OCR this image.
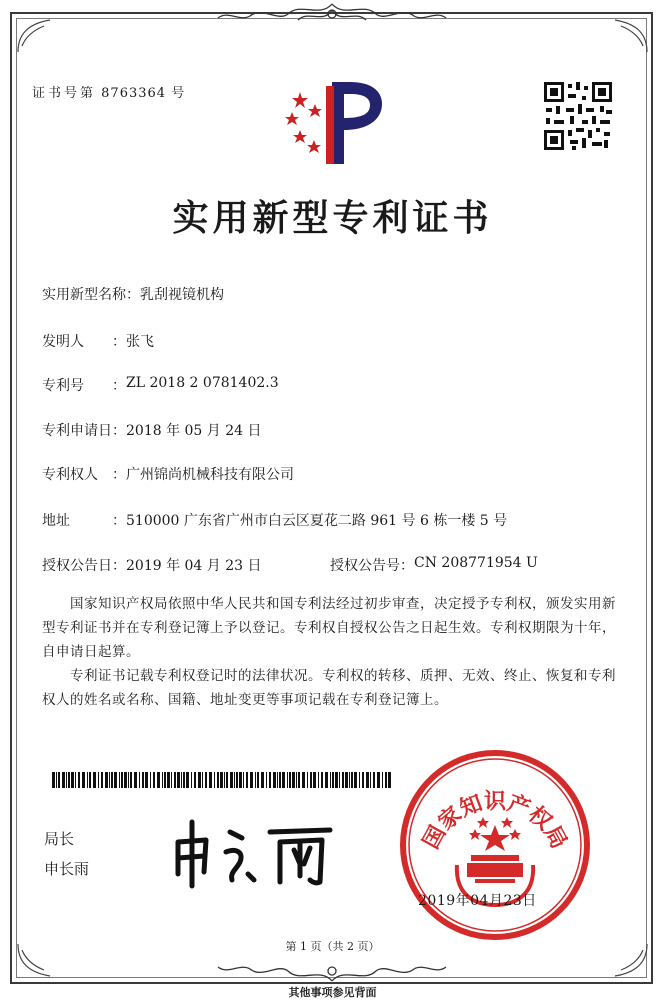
证书号第 8763364 号
实用新型专利证书
实用新型名称： 乳刮视镜机构
发明人	： 张飞
专利号	： ZL 2018 2 0781402.3
专利申请日： 2018 年 05 月 24 日
专利权人	： 广州锦尚机械科技有限公司
地址	： 510000 广东省广州市白云区夏花二路 961 号 6 栋一楼 5 号
授权公告日： 2019 年 04 月 23 日	授权公告号： CN 208771954 U
国家知识产权局依照中华人民共和国专利法经过初步审查，决定授予专利权，颁发实用新型专利证书并在专利登记簿上予以登记。专利权自授权公告之日起生效。专利权期限为十年，自申请日起算。
专利证书记载专利权登记时的法律状况。专利权的转移、质押、无效、终止、恢复和专利权人的姓名或名称、国籍、地址变更等事项记载在专利登记簿上。
局长
申长雨
国家知识产权局
2019年04月23日
第 1 页（共 2 页）
其他事项参见背面
